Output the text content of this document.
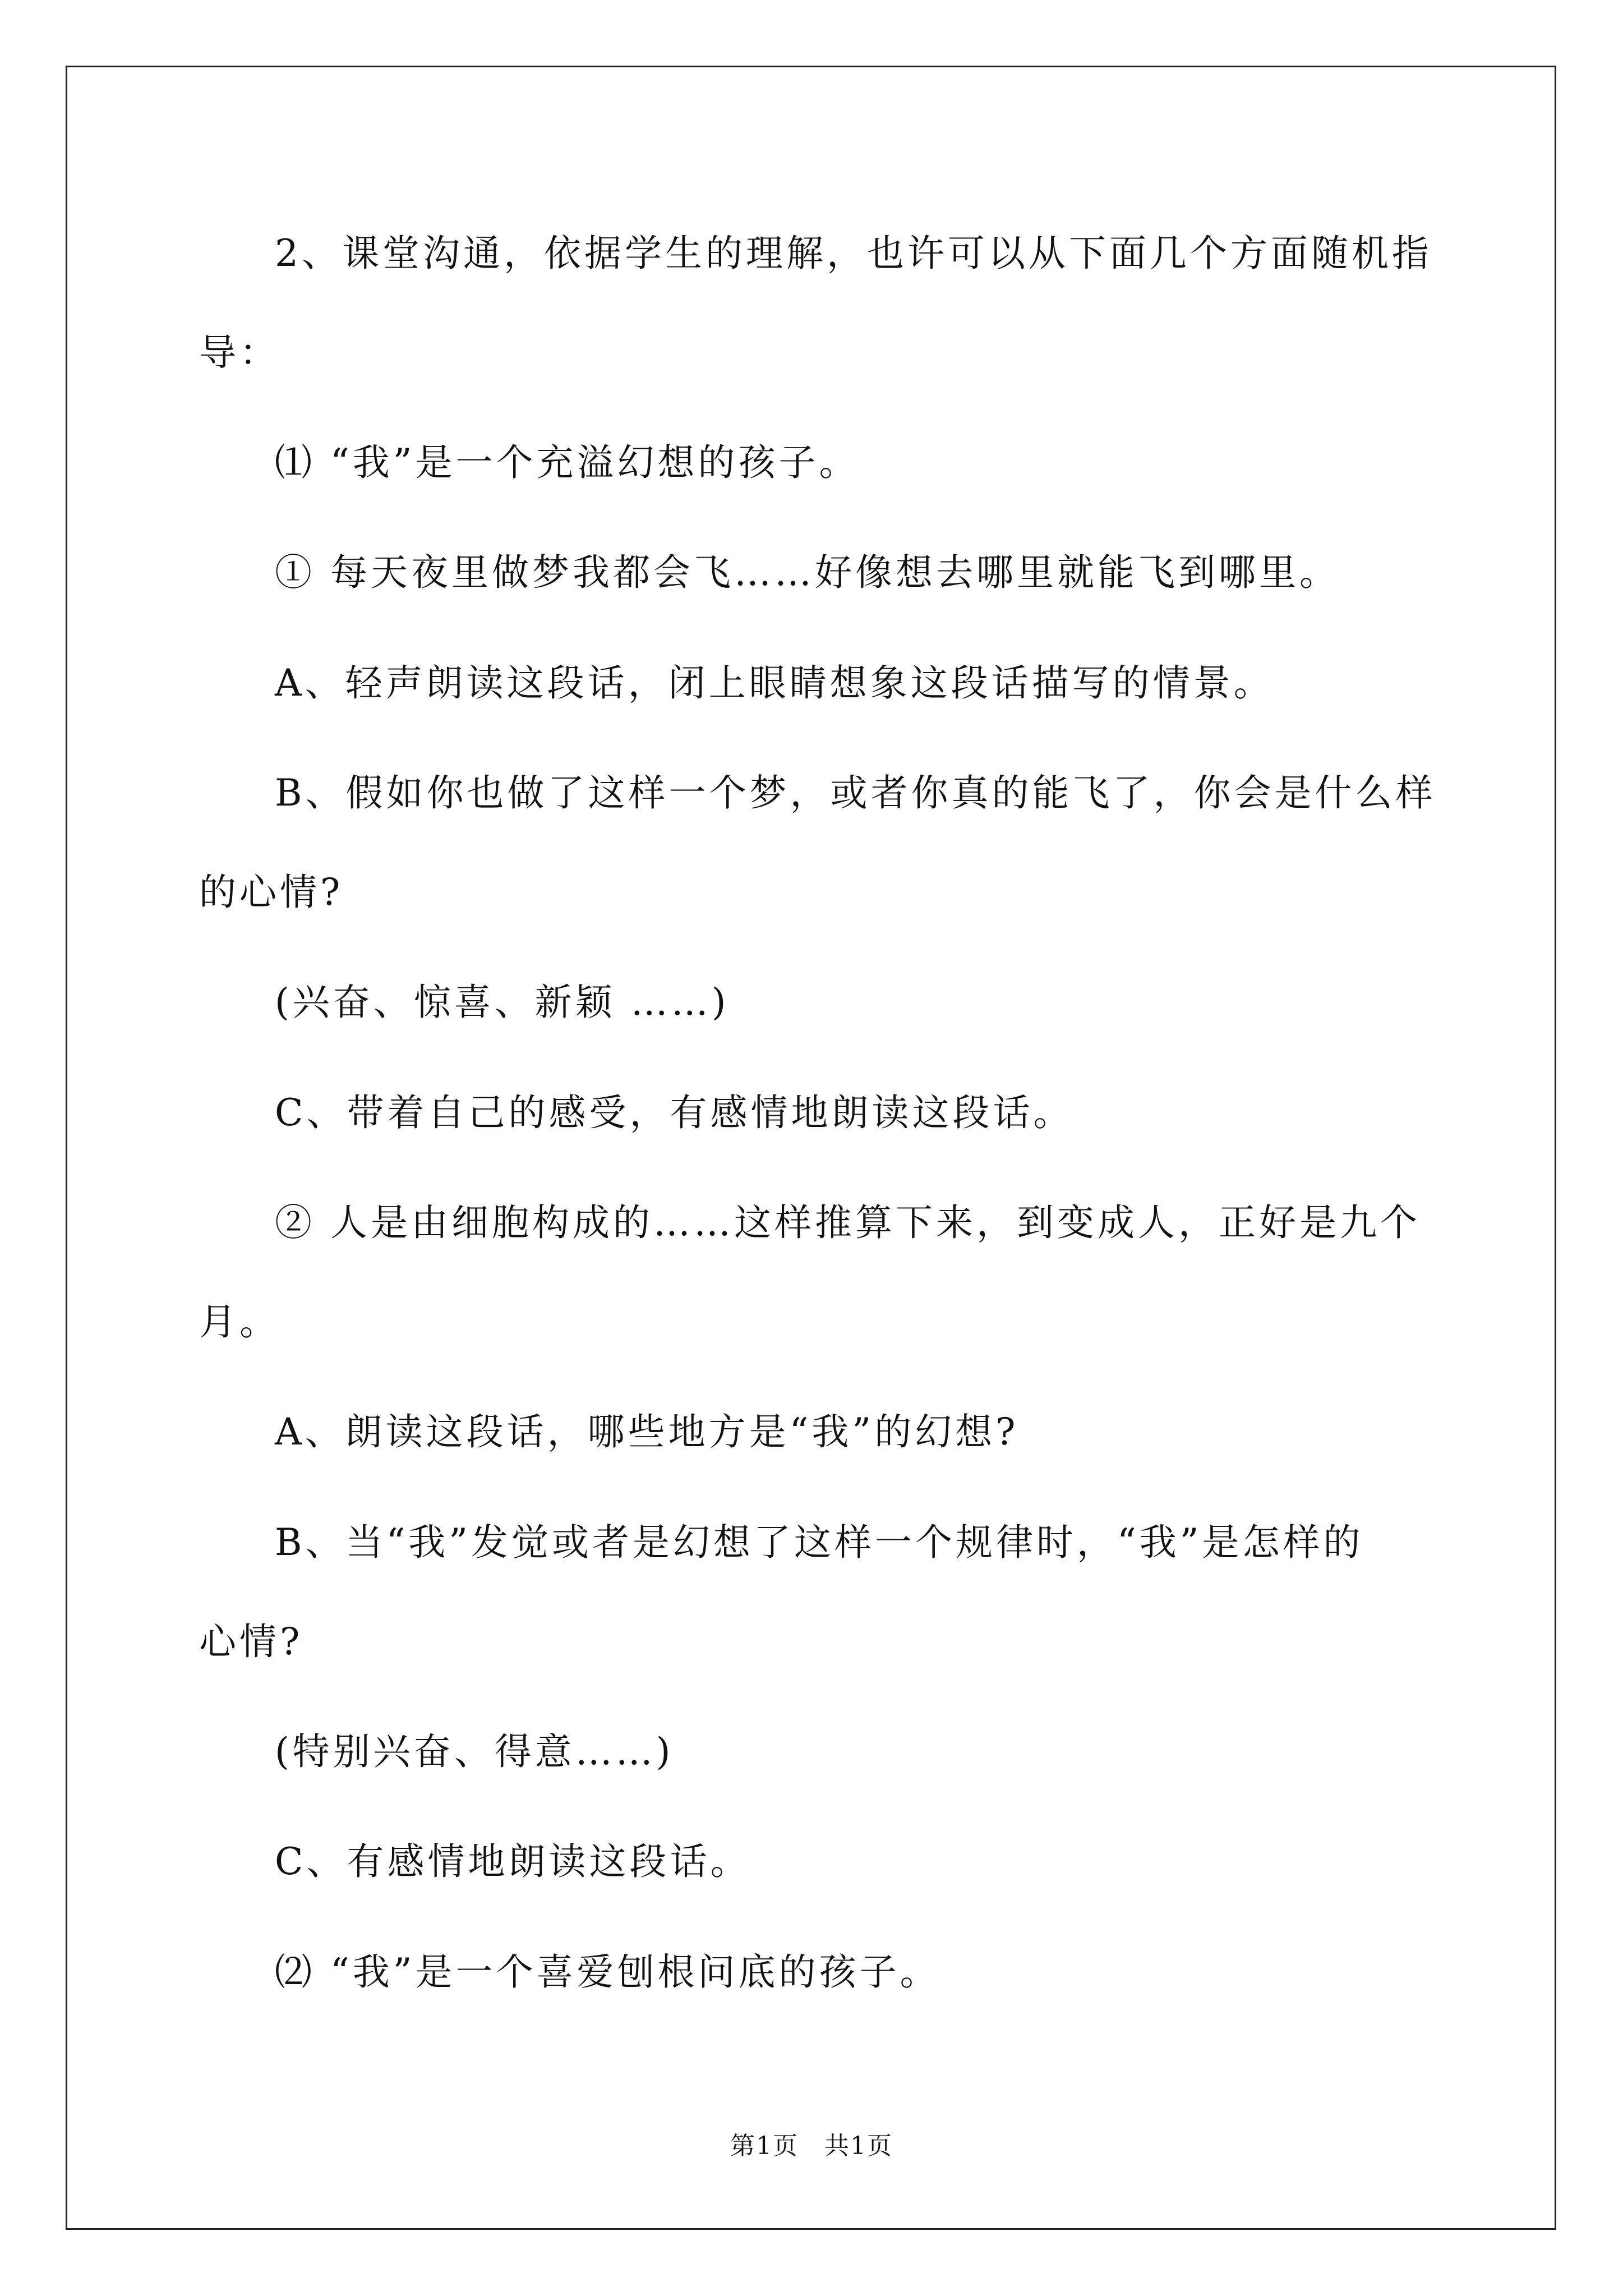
2、课堂沟通，依据学生的理解，也许可以从下面几个方面随机指
导：
⑴ “我”是一个充溢幻想的孩子。
① 每天夜里做梦我都会飞……好像想去哪里就能飞到哪里。
A、轻声朗读这段话，闭上眼睛想象这段话描写的情景。
B、假如你也做了这样一个梦，或者你真的能飞了，你会是什么样
的心情?
(兴奋、惊喜、新颖 ……)
C、带着自己的感受，有感情地朗读这段话。
② 人是由细胞构成的……这样推算下来，到变成人，正好是九个
月。
A、朗读这段话，哪些地方是“我”的幻想?
B、当“我”发觉或者是幻想了这样一个规律时，“我”是怎样的
心情?
(特别兴奋、得意……)
C、有感情地朗读这段话。
⑵ “我”是一个喜爱刨根问底的孩子。
第1页　共1页
